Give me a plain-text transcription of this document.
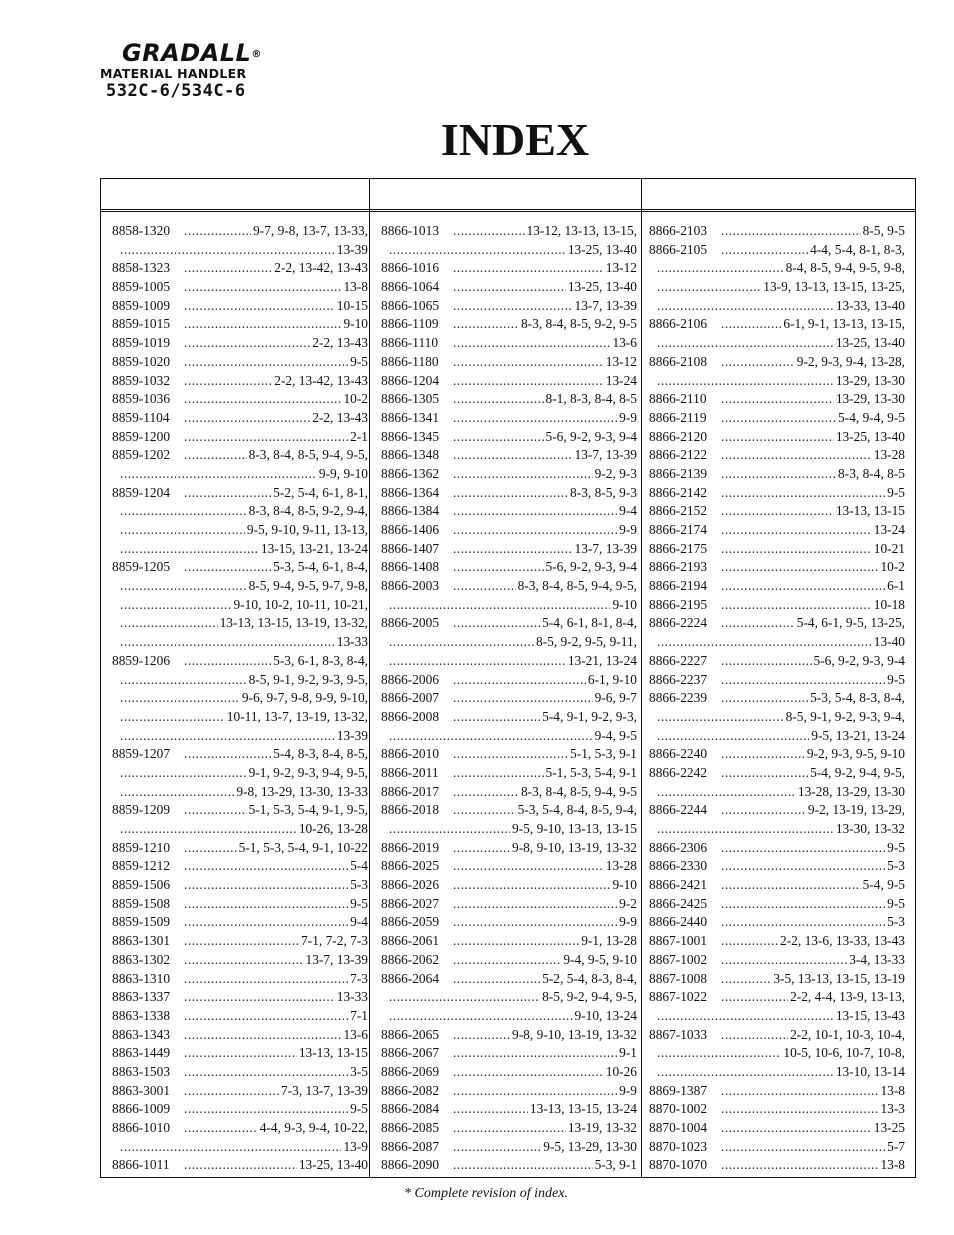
GRADALL®
MATERIAL HANDLER
532C-6/534C-6
INDEX
8858-1320 .....	9-7, 9-8, 13-7, 13-33,
.....
13-39
8858-1323 .....	2-2, 13-42, 13-43
8859-1005 .....	13-8
8859-1009 .....	10-15
8859-1015 .....	9-10
8859-1019 .....	2-2, 13-43
8859-1020 .....	9-5
8859-1032 .....	2-2, 13-42, 13-43
8859-1036 .....	10-2
8859-1104 .....	2-2, 13-43
8859-1200 .....	2-1
8859-1202 .....	8-3, 8-4, 8-5, 9-4, 9-5,
.....
9-9, 9-10
8859-1204 .....	5-2, 5-4, 6-1, 8-1,
.....
8-3, 8-4, 8-5, 9-2, 9-4,
.....
9-5, 9-10, 9-11, 13-13,
.....
13-15, 13-21, 13-24
8859-1205 .....	5-3, 5-4, 6-1, 8-4,
.....
8-5, 9-4, 9-5, 9-7, 9-8,
.....
9-10, 10-2, 10-11, 10-21,
.....
13-13, 13-15, 13-19, 13-32,
.....
13-33
8859-1206 .....	5-3, 6-1, 8-3, 8-4,
.....
8-5, 9-1, 9-2, 9-3, 9-5,
.....
9-6, 9-7, 9-8, 9-9, 9-10,
.....
10-11, 13-7, 13-19, 13-32,
.....
13-39
8859-1207 .....	5-4, 8-3, 8-4, 8-5,
.....
9-1, 9-2, 9-3, 9-4, 9-5,
.....
9-8, 13-29, 13-30, 13-33
8859-1209 .....	5-1, 5-3, 5-4, 9-1, 9-5,
.....
10-26, 13-28
8859-1210 .....	5-1, 5-3, 5-4, 9-1, 10-22
8859-1212 .....	5-4
8859-1506 .....	5-3
8859-1508 .....	9-5
8859-1509 .....	9-4
8863-1301 .....	7-1, 7-2, 7-3
8863-1302 .....	13-7, 13-39
8863-1310 .....	7-3
8863-1337 .....	13-33
8863-1338 .....	7-1
8863-1343 .....	13-6
8863-1449 .....	13-13, 13-15
8863-1503 .....	3-5
8863-3001 .....	7-3, 13-7, 13-39
8866-1009 .....	9-5
8866-1010 .....	4-4, 9-3, 9-4, 10-22,
.....
13-9
8866-1011 .....	13-25, 13-40
8866-1013 .....	13-12, 13-13, 13-15,
.....
13-25, 13-40
8866-1016 .....	13-12
8866-1064 .....	13-25, 13-40
8866-1065 .....	13-7, 13-39
8866-1109 .....	8-3, 8-4, 8-5, 9-2, 9-5
8866-1110 .....	13-6
8866-1180 .....	13-12
8866-1204 .....	13-24
8866-1305 .....	8-1, 8-3, 8-4, 8-5
8866-1341 .....	9-9
8866-1345 .....	5-6, 9-2, 9-3, 9-4
8866-1348 .....	13-7, 13-39
8866-1362 .....	9-2, 9-3
8866-1364 .....	8-3, 8-5, 9-3
8866-1384 .....	9-4
8866-1406 .....	9-9
8866-1407 .....	13-7, 13-39
8866-1408 .....	5-6, 9-2, 9-3, 9-4
8866-2003 .....	8-3, 8-4, 8-5, 9-4, 9-5,
.....
9-10
8866-2005 .....	5-4, 6-1, 8-1, 8-4,
.....
8-5, 9-2, 9-5, 9-11,
.....
13-21, 13-24
8866-2006 .....	6-1, 9-10
8866-2007 .....	9-6, 9-7
8866-2008 .....	5-4, 9-1, 9-2, 9-3,
.....
9-4, 9-5
8866-2010 .....	5-1, 5-3, 9-1
8866-2011 .....	5-1, 5-3, 5-4, 9-1
8866-2017 .....	8-3, 8-4, 8-5, 9-4, 9-5
8866-2018 .....	5-3, 5-4, 8-4, 8-5, 9-4,
.....
9-5, 9-10, 13-13, 13-15
8866-2019 .....	9-8, 9-10, 13-19, 13-32
8866-2025 .....	13-28
8866-2026 .....	9-10
8866-2027 .....	9-2
8866-2059 .....	9-9
8866-2061 .....	9-1, 13-28
8866-2062 .....	9-4, 9-5, 9-10
8866-2064 .....	5-2, 5-4, 8-3, 8-4,
.....
8-5, 9-2, 9-4, 9-5,
.....
9-10, 13-24
8866-2065 .....	9-8, 9-10, 13-19, 13-32
8866-2067 .....	9-1
8866-2069 .....	10-26
8866-2082 .....	9-9
8866-2084 .....	13-13, 13-15, 13-24
8866-2085 .....	13-19, 13-32
8866-2087 .....	9-5, 13-29, 13-30
8866-2090 .....	5-3, 9-1
8866-2103 .....	8-5, 9-5
8866-2105 .....	4-4, 5-4, 8-1, 8-3,
.....
8-4, 8-5, 9-4, 9-5, 9-8,
.....
13-9, 13-13, 13-15, 13-25,
.....
13-33, 13-40
8866-2106 .....	6-1, 9-1, 13-13, 13-15,
.....
13-25, 13-40
8866-2108 .....	9-2, 9-3, 9-4, 13-28,
.....
13-29, 13-30
8866-2110 .....	13-29, 13-30
8866-2119 .....	5-4, 9-4, 9-5
8866-2120 .....	13-25, 13-40
8866-2122 .....	13-28
8866-2139 .....	8-3, 8-4, 8-5
8866-2142 .....	9-5
8866-2152 .....	13-13, 13-15
8866-2174 .....	13-24
8866-2175 .....	10-21
8866-2193 .....	10-2
8866-2194 .....	6-1
8866-2195 .....	10-18
8866-2224 .....	5-4, 6-1, 9-5, 13-25,
.....
13-40
8866-2227 .....	5-6, 9-2, 9-3, 9-4
8866-2237 .....	9-5
8866-2239 .....	5-3, 5-4, 8-3, 8-4,
.....
8-5, 9-1, 9-2, 9-3, 9-4,
.....
9-5, 13-21, 13-24
8866-2240 .....	9-2, 9-3, 9-5, 9-10
8866-2242 .....	5-4, 9-2, 9-4, 9-5,
.....
13-28, 13-29, 13-30
8866-2244 .....	9-2, 13-19, 13-29,
.....
13-30, 13-32
8866-2306 .....	9-5
8866-2330 .....	5-3
8866-2421 .....	5-4, 9-5
8866-2425 .....	9-5
8866-2440 .....	5-3
8867-1001 .....	2-2, 13-6, 13-33, 13-43
8867-1002 .....	3-4, 13-33
8867-1008 .....	3-5, 13-13, 13-15, 13-19
8867-1022 .....	2-2, 4-4, 13-9, 13-13,
.....
13-15, 13-43
8867-1033 .....	2-2, 10-1, 10-3, 10-4,
.....
10-5, 10-6, 10-7, 10-8,
.....
13-10, 13-14
8869-1387 .....	13-8
8870-1002 .....	13-3
8870-1004 .....	13-25
8870-1023 .....	5-7
8870-1070 .....	13-8
* Complete revision of index.
